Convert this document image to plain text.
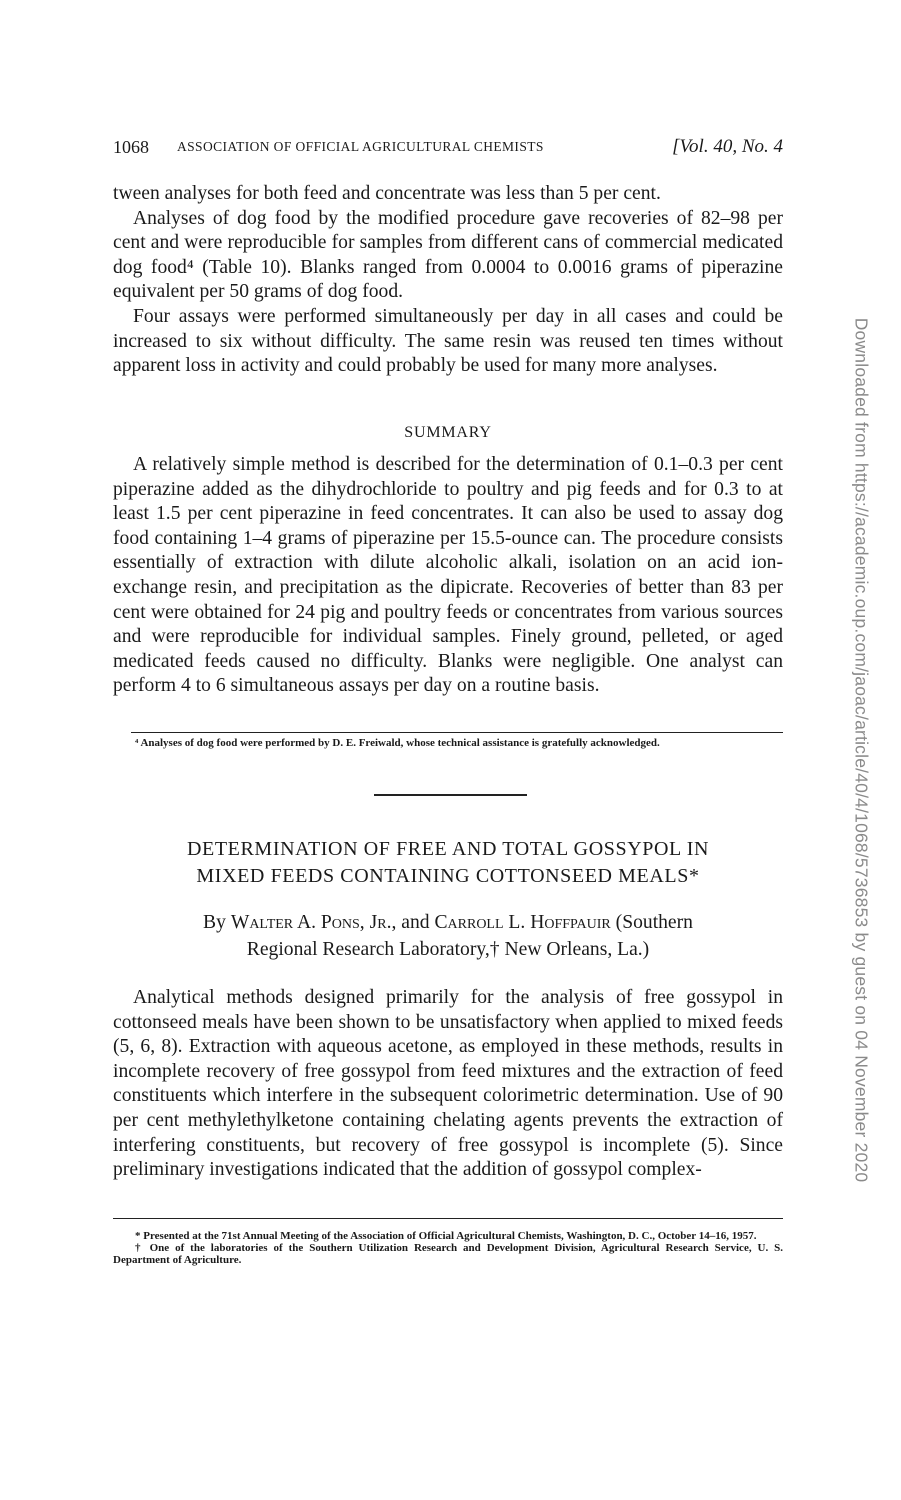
1068 ASSOCIATION OF OFFICIAL AGRICULTURAL CHEMISTS	[Vol. 40, No. 4

tween analyses for both feed and concentrate was less than 5 per cent.

Analyses of dog food by the modified procedure gave recoveries of 82–98 per cent and were reproducible for samples from different cans of commercial medicated dog food⁴ (Table 10). Blanks ranged from 0.0004 to 0.0016 grams of piperazine equivalent per 50 grams of dog food.

Four assays were performed simultaneously per day in all cases and could be increased to six without difficulty. The same resin was reused ten times without apparent loss in activity and could probably be used for many more analyses.

SUMMARY

A relatively simple method is described for the determination of 0.1–0.3 per cent piperazine added as the dihydrochloride to poultry and pig feeds and for 0.3 to at least 1.5 per cent piperazine in feed concentrates. It can also be used to assay dog food containing 1–4 grams of piperazine per 15.5-ounce can. The procedure consists essentially of extraction with dilute alcoholic alkali, isolation on an acid ion-exchange resin, and precipitation as the dipicrate. Recoveries of better than 83 per cent were obtained for 24 pig and poultry feeds or concentrates from various sources and were reproducible for individual samples. Finely ground, pelleted, or aged medicated feeds caused no difficulty. Blanks were negligible. One analyst can perform 4 to 6 simultaneous assays per day on a routine basis.

⁴ Analyses of dog food were performed by D. E. Freiwald, whose technical assistance is gratefully acknowledged.

DETERMINATION OF FREE AND TOTAL GOSSYPOL IN
MIXED FEEDS CONTAINING COTTONSEED MEALS*
By Walter A. Pons, Jr., and Carroll L. Hoffpauir (Southern
Regional Research Laboratory,† New Orleans, La.)

Analytical methods designed primarily for the analysis of free gossypol in cottonseed meals have been shown to be unsatisfactory when applied to mixed feeds (5, 6, 8). Extraction with aqueous acetone, as employed in these methods, results in incomplete recovery of free gossypol from feed mixtures and the extraction of feed constituents which interfere in the subsequent colorimetric determination. Use of 90 per cent methylethylketone containing chelating agents prevents the extraction of interfering constituents, but recovery of free gossypol is incomplete (5). Since preliminary investigations indicated that the addition of gossypol complex-

* Presented at the 71st Annual Meeting of the Association of Official Agricultural Chemists, Washington, D. C., October 14–16, 1957.

† One of the laboratories of the Southern Utilization Research and Development Division, Agricultural Research Service, U. S. Department of Agriculture.

Downloaded from https://academic.oup.com/jaoac/article/40/4/1068/5736853 by guest on 04 November 2020
